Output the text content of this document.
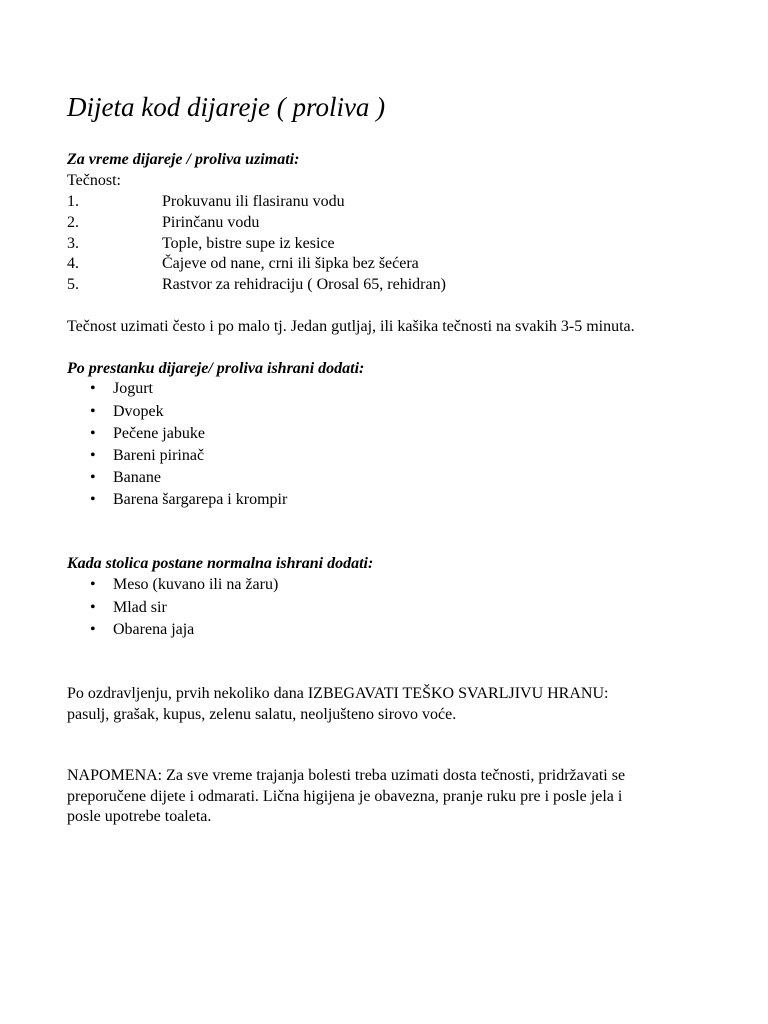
Dijeta kod dijareje ( proliva )
Za vreme dijareje / proliva uzimati:
Tečnost:
1.	Prokuvanu ili flasiranu vodu
2.	Pirinčanu vodu
3.	Tople, bistre supe iz kesice
4.	Čajeve od nane, crni ili šipka bez šećera
5.	Rastvor za rehidraciju ( Orosal 65, rehidran)
Tečnost uzimati često i po malo tj. Jedan gutljaj, ili kašika tečnosti na svakih 3-5 minuta.
Po prestanku dijareje/ proliva ishrani dodati:
• Jogurt
• Dvopek
• Pečene jabuke
• Bareni pirinač
• Banane
• Barena šargarepa i krompir
Kada stolica postane normalna ishrani dodati:
• Meso (kuvano ili na žaru)
• Mlad sir
• Obarena jaja
Po ozdravljenju, prvih nekoliko dana IZBEGAVATI TEŠKO SVARLJIVU HRANU:
pasulj, grašak, kupus, zelenu salatu, neoljušteno sirovo voće.
NAPOMENA: Za sve vreme trajanja bolesti treba uzimati dosta tečnosti, pridržavati se
preporučene dijete i odmarati. Lična higijena je obavezna, pranje ruku pre i posle jela i
posle upotrebe toaleta.
